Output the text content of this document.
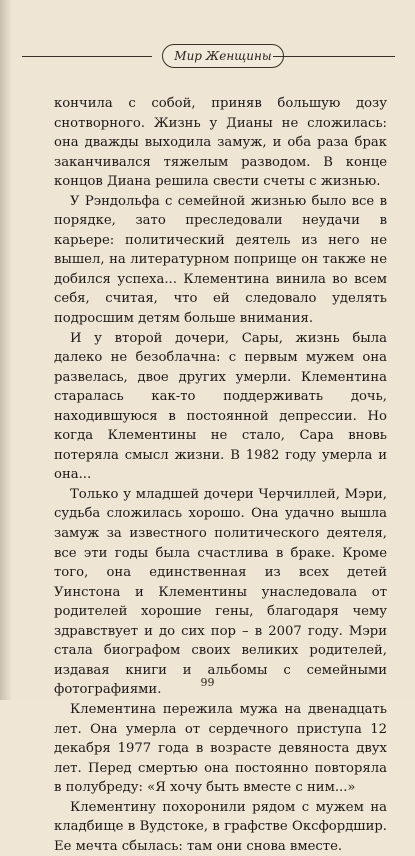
Мир Женщины

кончила с собой, приняв большую дозу снотворного. Жизнь у Дианы не сложилась: она дважды выходила замуж, и оба раза брак заканчивался тяжелым разводом. В конце концов Диана решила свести счеты с жизнью.

У Рэндольфа с семейной жизнью было все в порядке, зато преследовали неудачи в карьере: политический деятель из него не вышел, на литературном поприще он также не добился успеха... Клементина винила во всем себя, считая, что ей следовало уделять подросшим детям больше внимания.

И у второй дочери, Сары, жизнь была далеко не безоблачна: с первым мужем она развелась, двое других умерли. Клементина старалась как-то поддерживать дочь, находившуюся в постоянной депрессии. Но когда Клементины не стало, Сара вновь потеряла смысл жизни. В 1982 году умерла и она...

Только у младшей дочери Черчиллей, Мэри, судьба сложилась хорошо. Она удачно вышла замуж за известного политического деятеля, все эти годы была счастлива в браке. Кроме того, она единственная из всех детей Уинстона и Клементины унаследовала от родителей хорошие гены, благодаря чему здравствует и до сих пор – в 2007 году. Мэри стала биографом своих великих родителей, издавая книги и альбомы с семейными фотографиями.

Клементина пережила мужа на двенадцать лет. Она умерла от сердечного приступа 12 декабря 1977 года в возрасте девяноста двух лет. Перед смертью она постоянно повторяла в полубреду: «Я хочу быть вместе с ним...»

Клементину похоронили рядом с мужем на кладбище в Вудстоке, в графстве Оксфордшир. Ее мечта сбылась: там они снова вместе.

99
